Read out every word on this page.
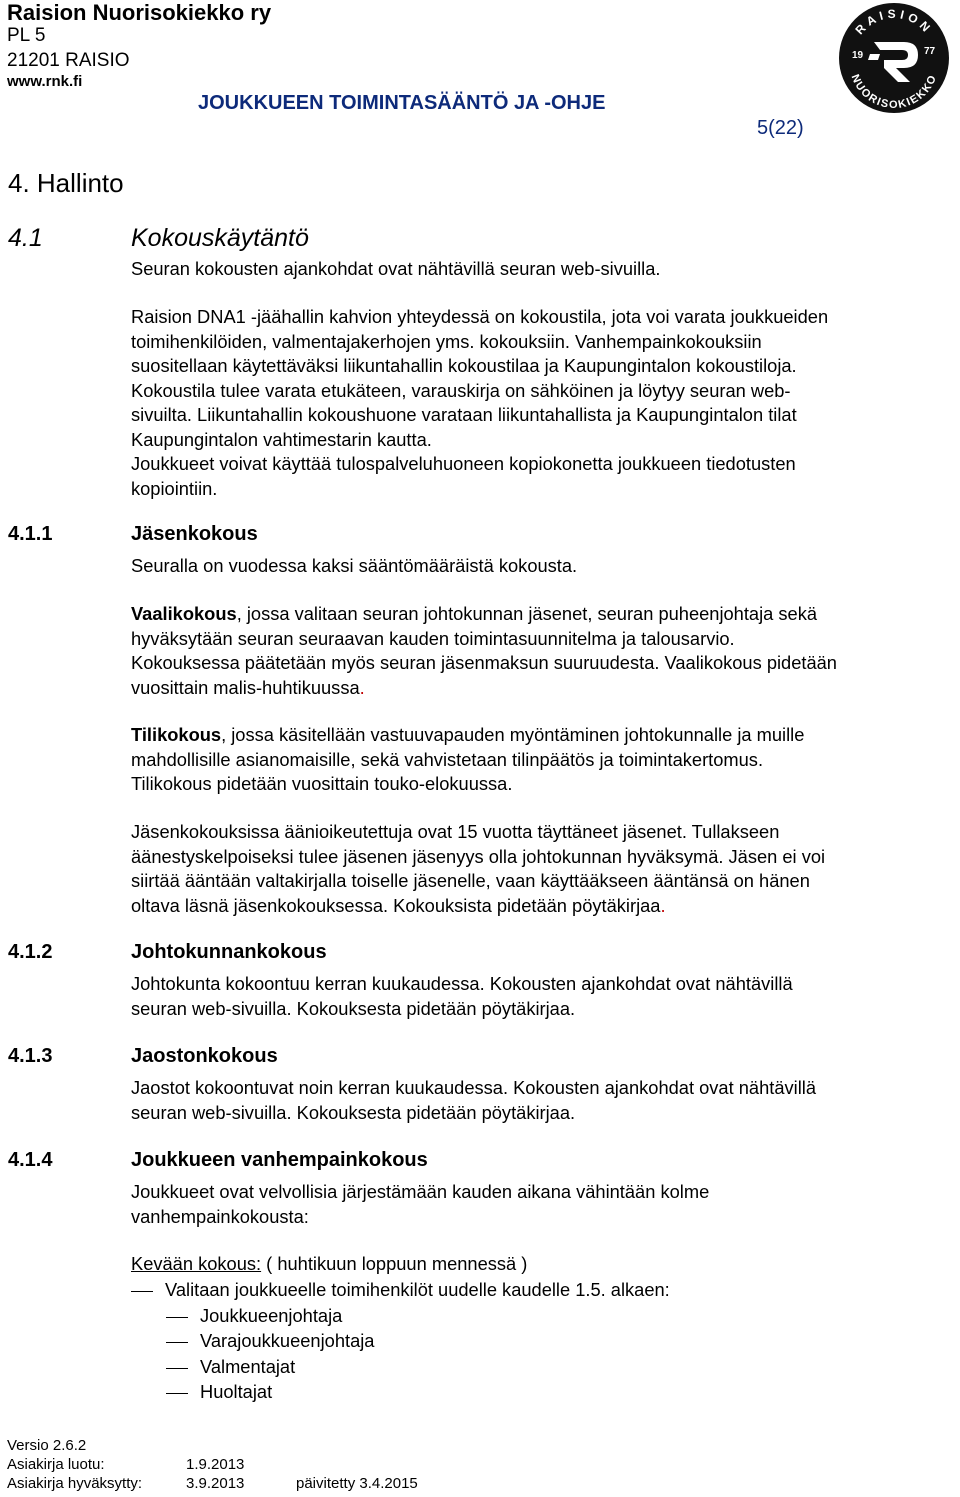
Raision Nuorisokiekko ry
PL 5
21201 RAISIO
www.rnk.fi
JOUKKUEEN TOIMINTASÄÄNTÖ JA -OHJE
5(22)
RAISION
NUORISOKIEKKO
19	77
4. Hallinto
4.1	Kokouskäytäntö
Seuran kokousten ajankohdat ovat nähtävillä seuran web-sivuilla.
Raision DNA1 -jäähallin kahvion yhteydessä on kokoustila, jota voi varata joukkueiden
toimihenkilöiden, valmentajakerhojen yms. kokouksiin. Vanhempainkokouksiin
suositellaan käytettäväksi liikuntahallin kokoustilaa ja Kaupungintalon kokoustiloja.
Kokoustila tulee varata etukäteen, varauskirja on sähköinen ja löytyy seuran web-
sivuilta. Liikuntahallin kokoushuone varataan liikuntahallista ja Kaupungintalon tilat
Kaupungintalon vahtimestarin kautta.
Joukkueet voivat käyttää tulospalveluhuoneen kopiokonetta joukkueen tiedotusten
kopiointiin.
4.1.1	Jäsenkokous
Seuralla on vuodessa kaksi sääntömääräistä kokousta.
Vaalikokous, jossa valitaan seuran johtokunnan jäsenet, seuran puheenjohtaja sekä
hyväksytään seuran seuraavan kauden toimintasuunnitelma ja talousarvio.
Kokouksessa päätetään myös seuran jäsenmaksun suuruudesta. Vaalikokous pidetään
vuosittain malis-huhtikuussa.
Tilikokous, jossa käsitellään vastuuvapauden myöntäminen johtokunnalle ja muille
mahdollisille asianomaisille, sekä vahvistetaan tilinpäätös ja toimintakertomus.
Tilikokous pidetään vuosittain touko-elokuussa.
Jäsenkokouksissa äänioikeutettuja ovat 15 vuotta täyttäneet jäsenet. Tullakseen
äänestyskelpoiseksi tulee jäsenen jäsenyys olla johtokunnan hyväksymä. Jäsen ei voi
siirtää ääntään valtakirjalla toiselle jäsenelle, vaan käyttääkseen ääntänsä on hänen
oltava läsnä jäsenkokouksessa. Kokouksista pidetään pöytäkirjaa.
4.1.2	Johtokunnankokous
Johtokunta kokoontuu kerran kuukaudessa. Kokousten ajankohdat ovat nähtävillä
seuran web-sivuilla. Kokouksesta pidetään pöytäkirjaa.
4.1.3	Jaostonkokous
Jaostot kokoontuvat noin kerran kuukaudessa. Kokousten ajankohdat ovat nähtävillä
seuran web-sivuilla. Kokouksesta pidetään pöytäkirjaa.
4.1.4	Joukkueen vanhempainkokous
Joukkueet ovat velvollisia järjestämään kauden aikana vähintään kolme
vanhempainkokousta:
Kevään kokous: ( huhtikuun loppuun mennessä )
Valitaan joukkueelle toimihenkilöt uudelle kaudelle 1.5. alkaen:
Joukkueenjohtaja
Varajoukkueenjohtaja
Valmentajat
Huoltajat
Versio 2.6.2
Asiakirja luotu:	1.9.2013
Asiakirja hyväksytty:	3.9.2013	päivitetty 3.4.2015
